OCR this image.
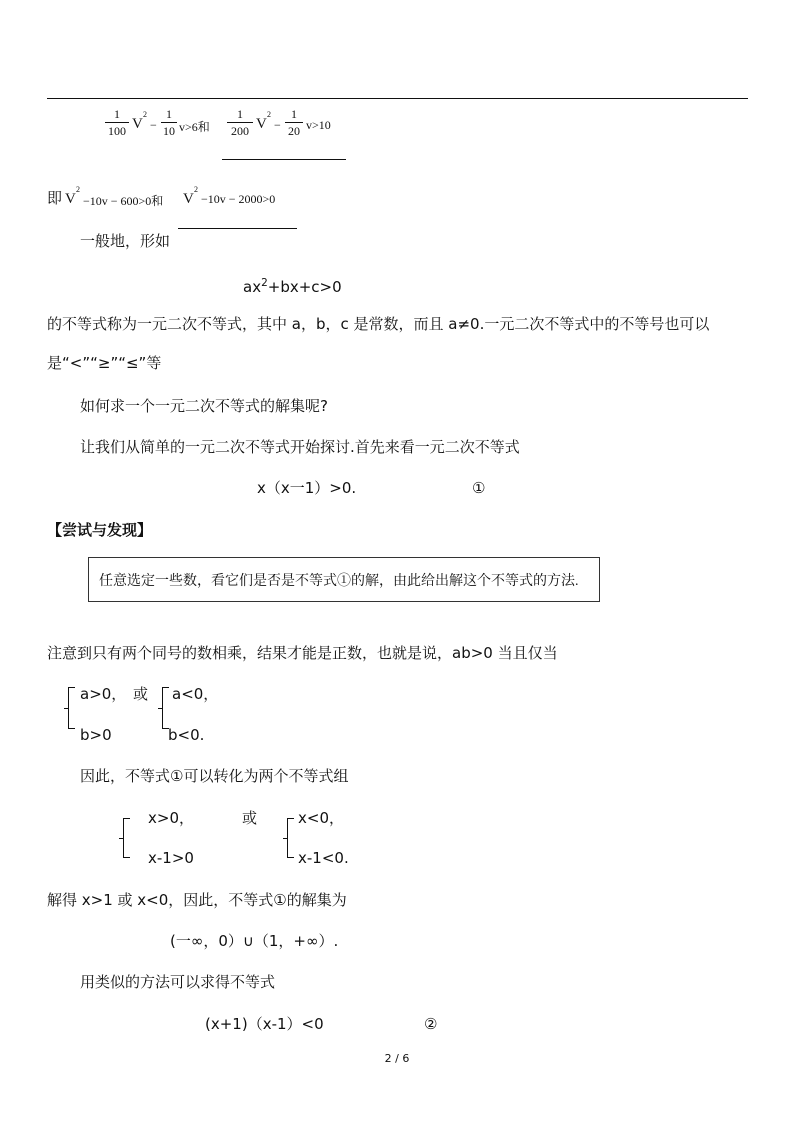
1
100 V
2
−
1
10 v>6和
1
200 V
2
−
1
20 v>10
即 V
2
−10v − 600>0和 V
2
−10v − 2000>0
一般地，形如
$ax^2+bx+c>0$
的不等式称为一元二次不等式，其中 a，b，c 是常数，而且 a≠0.一元二次不等式中的不等号也可以
是“<”“≥”“≤”等
如何求一个一元二次不等式的解集呢?
让我们从简单的一元二次不等式开始探讨.首先来看一元二次不等式
x（x一1）>0.	①
【尝试与发现】
任意选定一些数，看它们是否是不等式①的解，由此给出解这个不等式的方法.
注意到只有两个同号的数相乘，结果才能是正数，也就是说，ab>0 当且仅当
a>0，
b>0
或 a<0，
b<0.
因此，不等式①可以转化为两个不等式组
x>0，
x-1>0
或	x<0，
x-1<0.
解得 x>1 或 x<0，因此，不等式①的解集为
(一∞，0）∪（1，+∞）.
用类似的方法可以求得不等式
(x+1)（x-1）<0	②
2 / 6
